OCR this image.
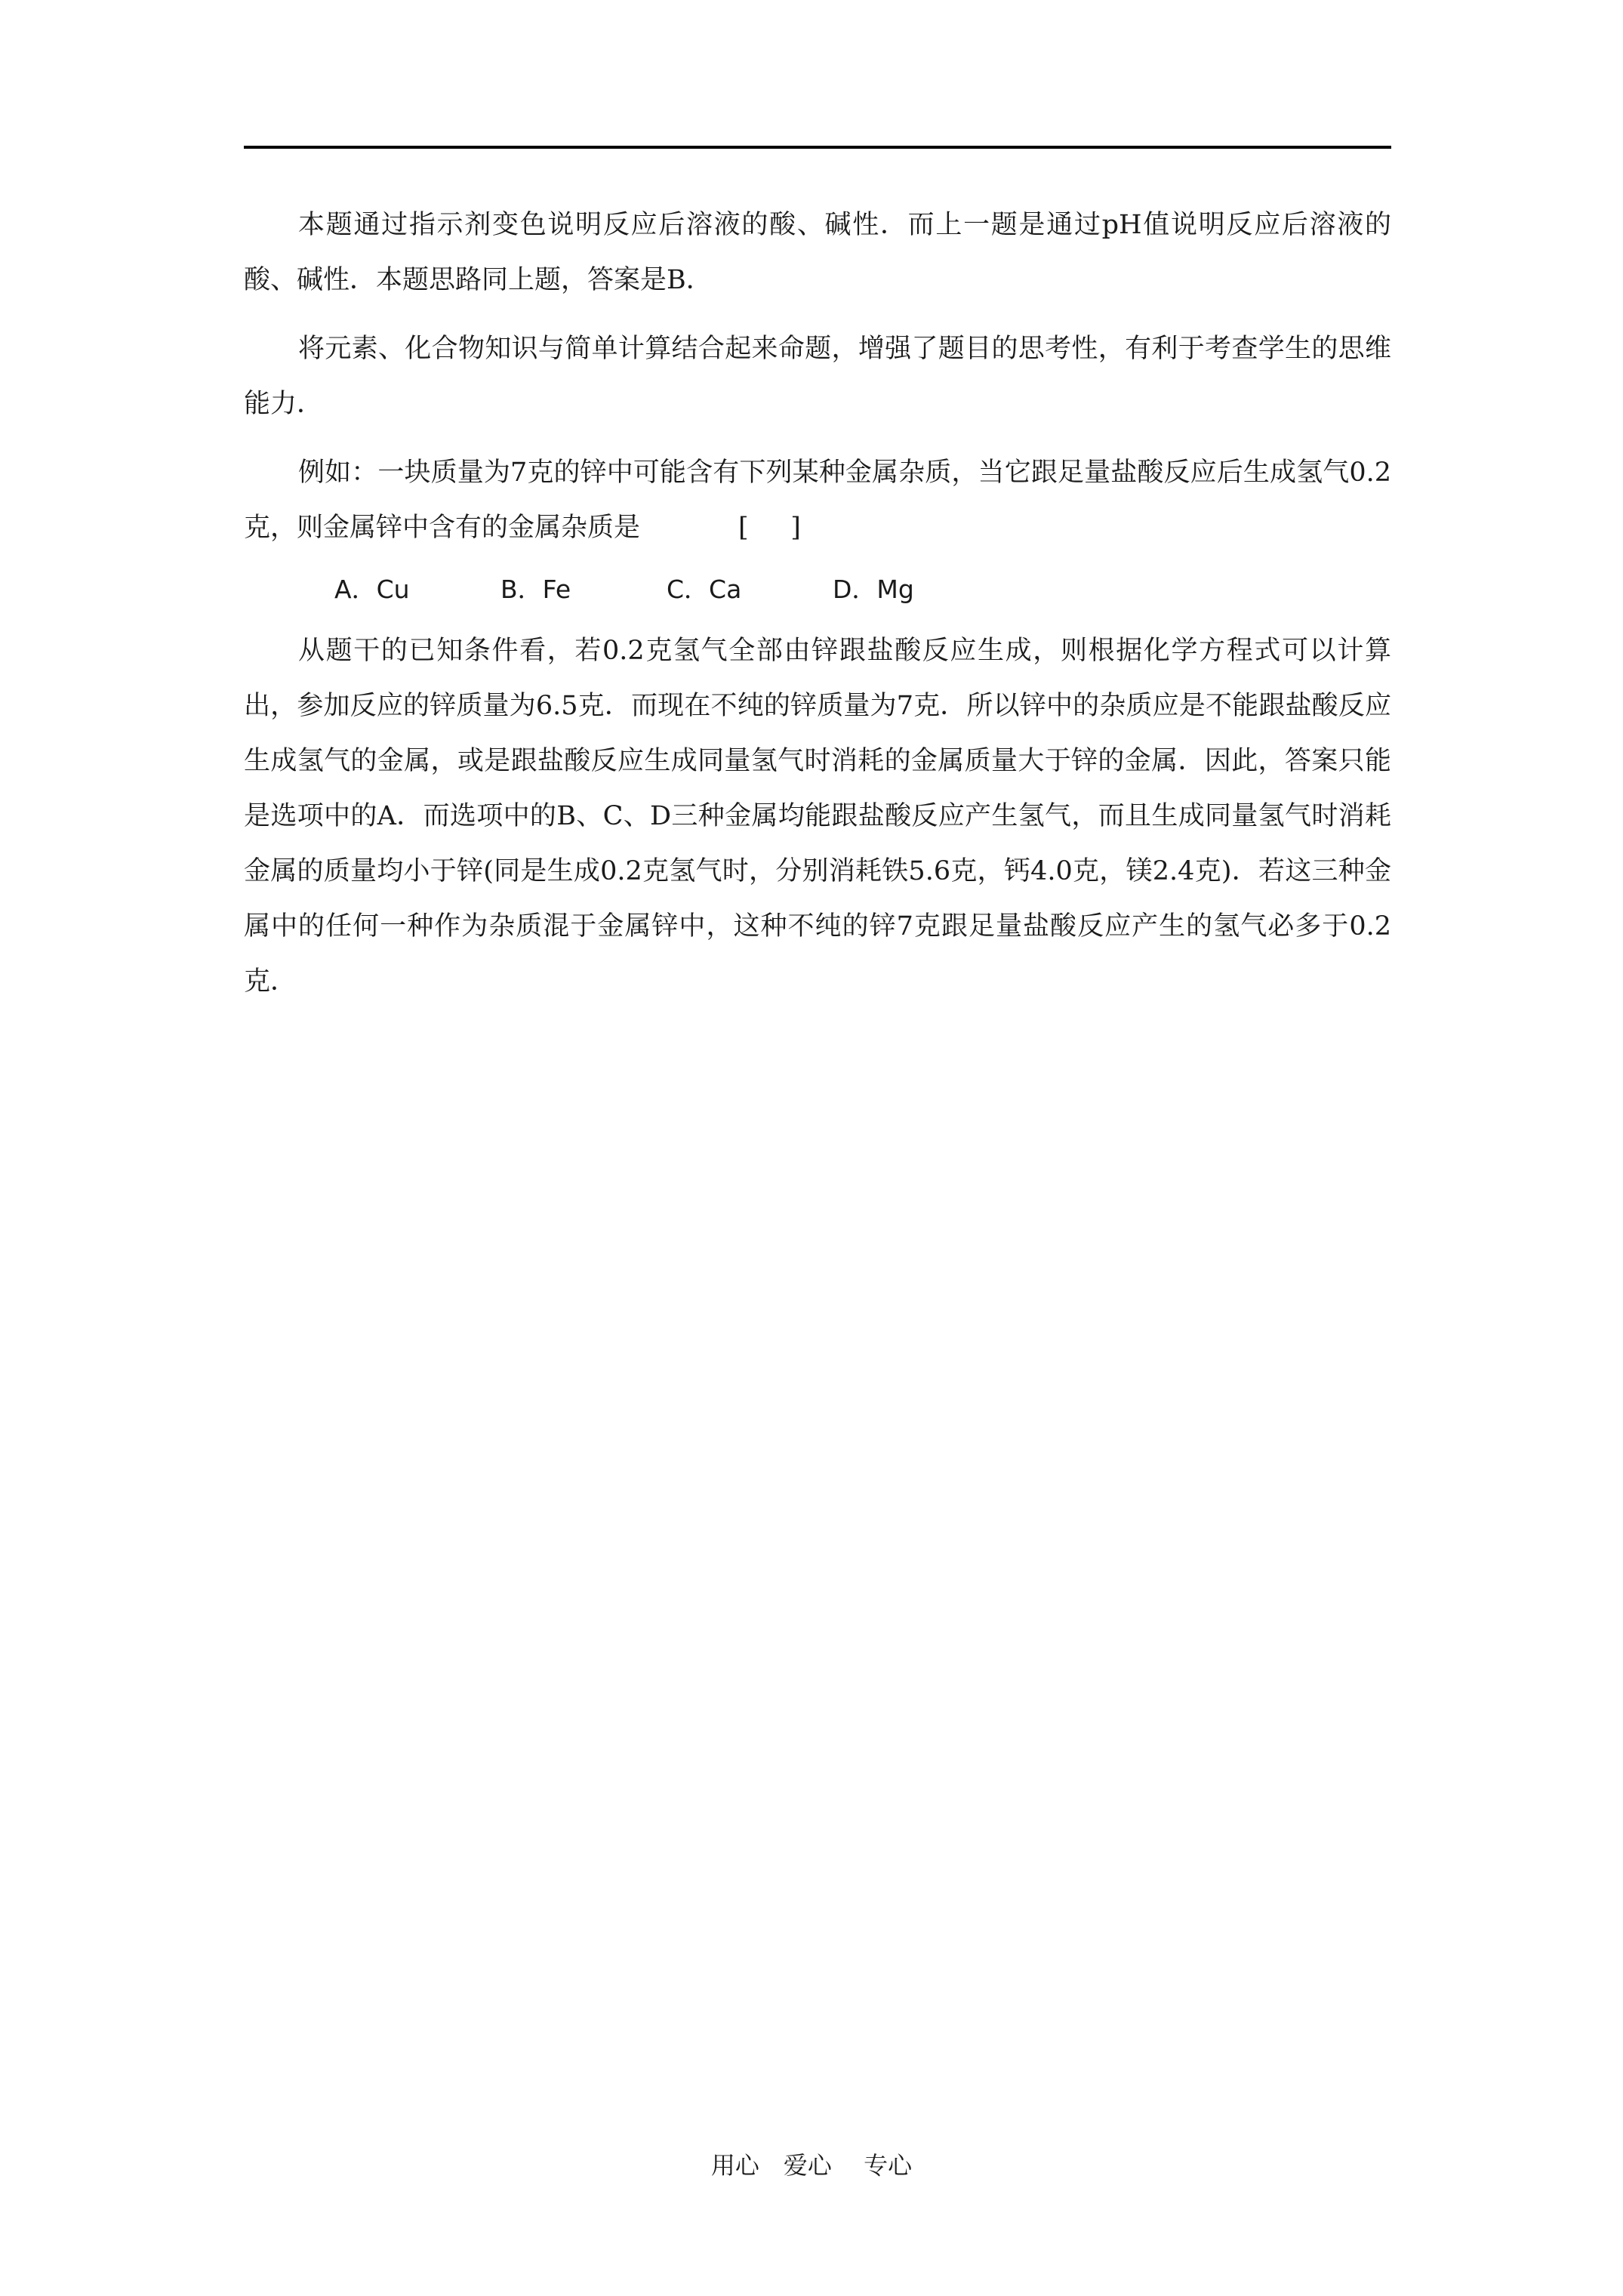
本题通过指示剂变色说明反应后溶液的酸、碱性．而上一题是通过pH值说明反应后溶液的酸、碱性．本题思路同上题，答案是B．

将元素、化合物知识与简单计算结合起来命题，增强了题目的思考性，有利于考查学生的思维能力．

例如：一块质量为7克的锌中可能含有下列某种金属杂质，当它跟足量盐酸反应后生成氢气0.2克，则金属锌中含有的金属杂质是	[     ]

A．Cu	B．Fe	C．Ca	D．Mg

从题干的已知条件看，若0.2克氢气全部由锌跟盐酸反应生成，则根据化学方程式可以计算出，参加反应的锌质量为6.5克．而现在不纯的锌质量为7克．所以锌中的杂质应是不能跟盐酸反应生成氢气的金属，或是跟盐酸反应生成同量氢气时消耗的金属质量大于锌的金属．因此，答案只能是选项中的A．而选项中的B、C、D三种金属均能跟盐酸反应产生氢气，而且生成同量氢气时消耗金属的质量均小于锌(同是生成0.2克氢气时，分别消耗铁5.6克，钙4.0克，镁2.4克)．若这三种金属中的任何一种作为杂质混于金属锌中，这种不纯的锌7克跟足量盐酸反应产生的氢气必多于0.2克．

用心　爱心　 专心
